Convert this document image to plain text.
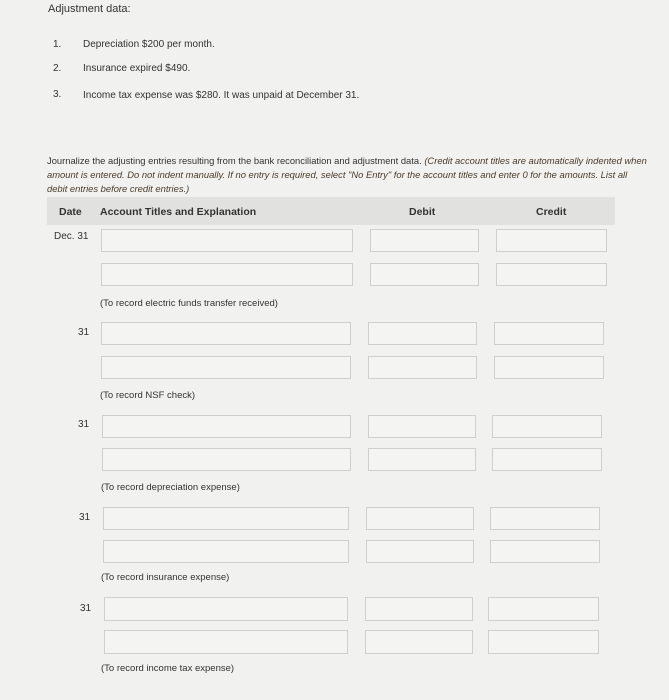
Adjustment data:
1. Depreciation $200 per month.
2. Insurance expired $490.
3. Income tax expense was $280. It was unpaid at December 31.
Journalize the adjusting entries resulting from the bank reconciliation and adjustment data. (Credit account titles are automatically indented when amount is entered. Do not indent manually. If no entry is required, select "No Entry" for the account titles and enter 0 for the amounts. List all debit entries before credit entries.)
Date Account Titles and Explanation	Debit	Credit
Dec. 31
(To record electric funds transfer received)
31
(To record NSF check)
31
(To record depreciation expense)
31
(To record insurance expense)
31
(To record income tax expense)
